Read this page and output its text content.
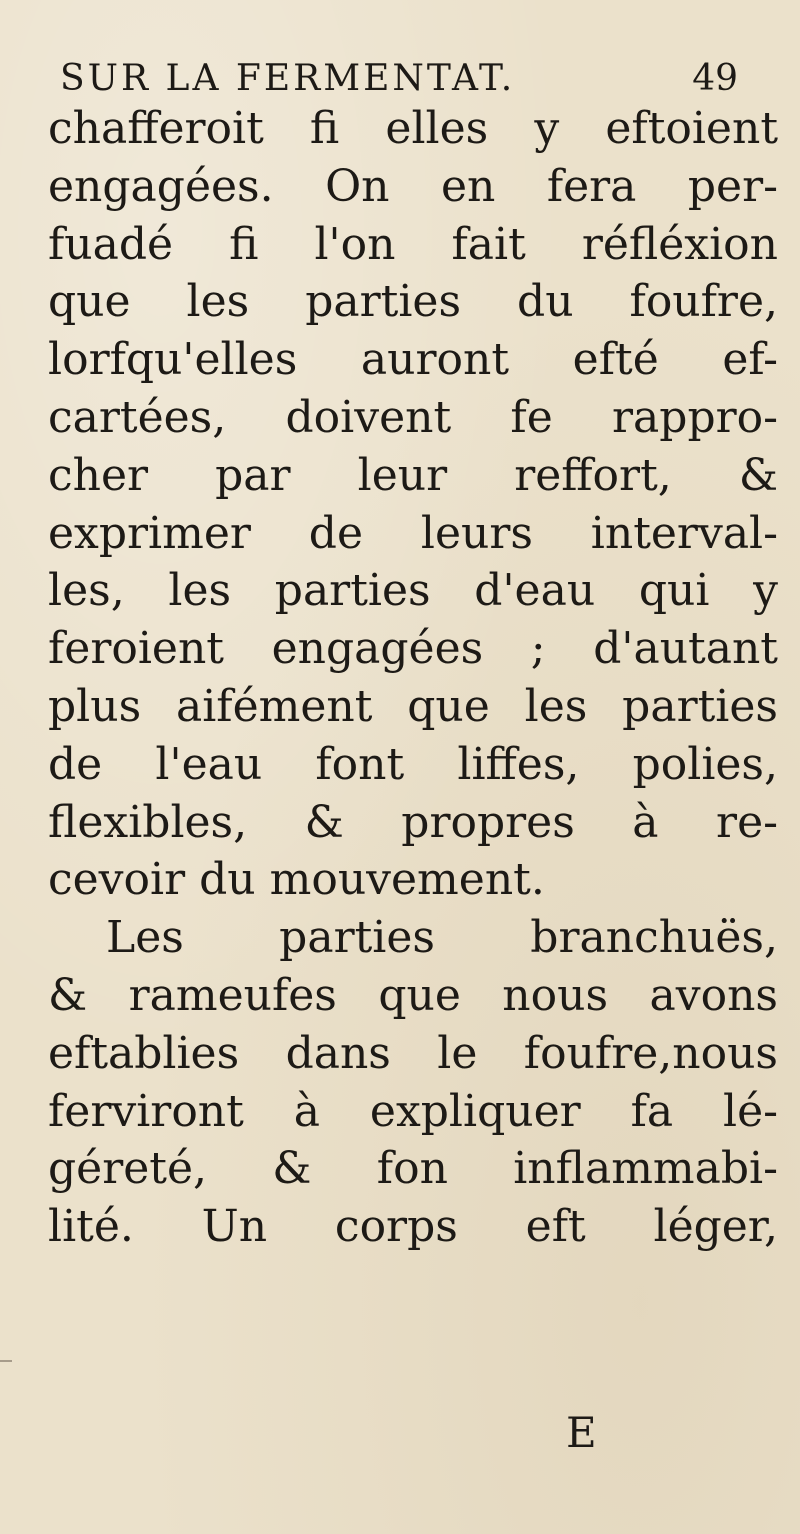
SUR LA FERMENTAT.	49
chafferoit fi elles y eftoient
engagées. On en fera per-
fuadé fi l'on fait réfléxion
que les parties du foufre,
lorfqu'elles auront efté ef-
cartées, doivent fe rappro-
cher par leur reffort, &
exprimer de leurs interval-
les, les parties d'eau qui y
feroient engagées ; d'autant
plus aifément que les parties
de l'eau font liffes, polies,
flexibles, & propres à re-
cevoir du mouvement.
Les parties branchuës,
& rameufes que nous avons
eftablies dans le foufre,nous
ferviront à expliquer fa lé-
géreté, & fon inflammabi-
lité. Un corps eft léger,
E
